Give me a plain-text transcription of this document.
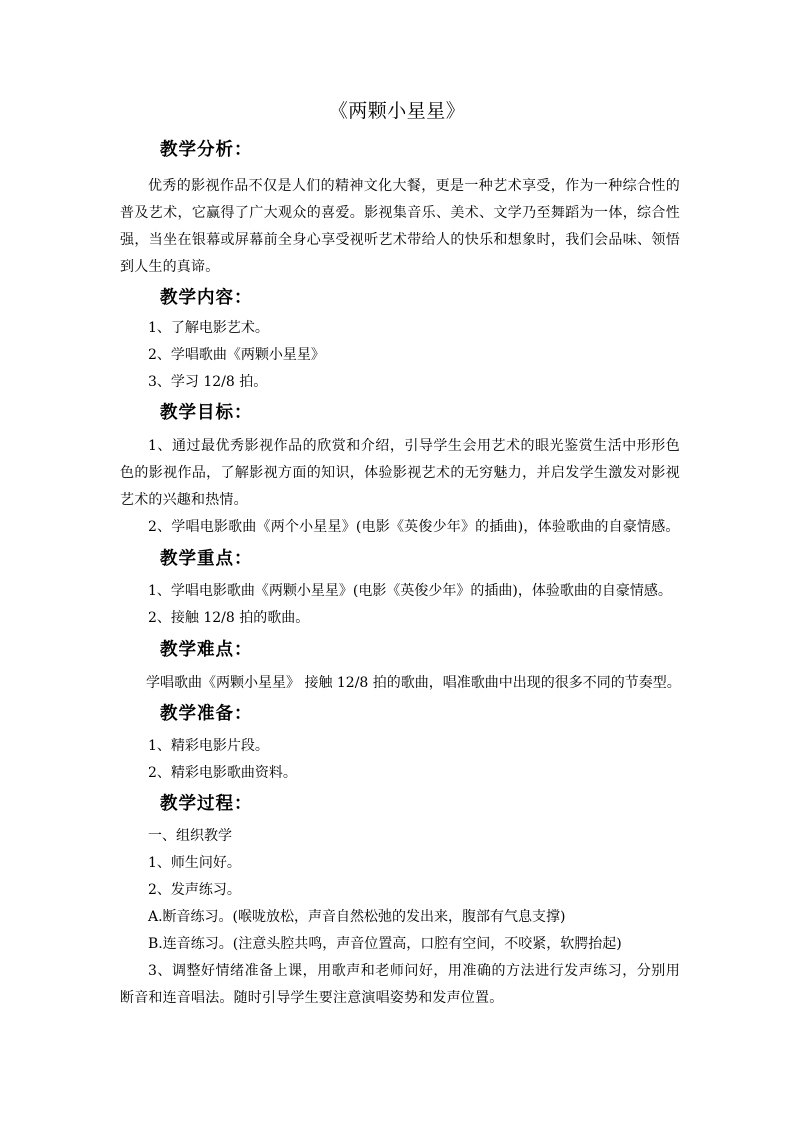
《两颗小星星》
教学分析：
优秀的影视作品不仅是人们的精神文化大餐，更是一种艺术享受，作为一种综合性的普及艺术，它赢得了广大观众的喜爱。影视集音乐、美术、文学乃至舞蹈为一体，综合性强，当坐在银幕或屏幕前全身心享受视听艺术带给人的快乐和想象时，我们会品味、领悟到人生的真谛。
教学内容：
1、了解电影艺术。
2、学唱歌曲《两颗小星星》
3、学习 12/8 拍。
教学目标：
1、通过最优秀影视作品的欣赏和介绍，引导学生会用艺术的眼光鉴赏生活中形形色色的影视作品，了解影视方面的知识，体验影视艺术的无穷魅力，并启发学生激发对影视艺术的兴趣和热情。
2、学唱电影歌曲《两个小星星》(电影《英俊少年》的插曲)，体验歌曲的自豪情感。
教学重点：
1、学唱电影歌曲《两颗小星星》(电影《英俊少年》的插曲)，体验歌曲的自豪情感。
2、接触 12/8 拍的歌曲。
教学难点：
学唱歌曲《两颗小星星》 接触 12/8 拍的歌曲，唱准歌曲中出现的很多不同的节奏型。
教学准备：
1、精彩电影片段。
2、精彩电影歌曲资料。
教学过程：
一、组织教学
1、师生问好。
2、发声练习。
A.断音练习。(喉咙放松，声音自然松弛的发出来，腹部有气息支撑)
B.连音练习。(注意头腔共鸣，声音位置高，口腔有空间，不咬紧，软腭抬起)
3、调整好情绪准备上课，用歌声和老师问好，用准确的方法进行发声练习，分别用断音和连音唱法。随时引导学生要注意演唱姿势和发声位置。
